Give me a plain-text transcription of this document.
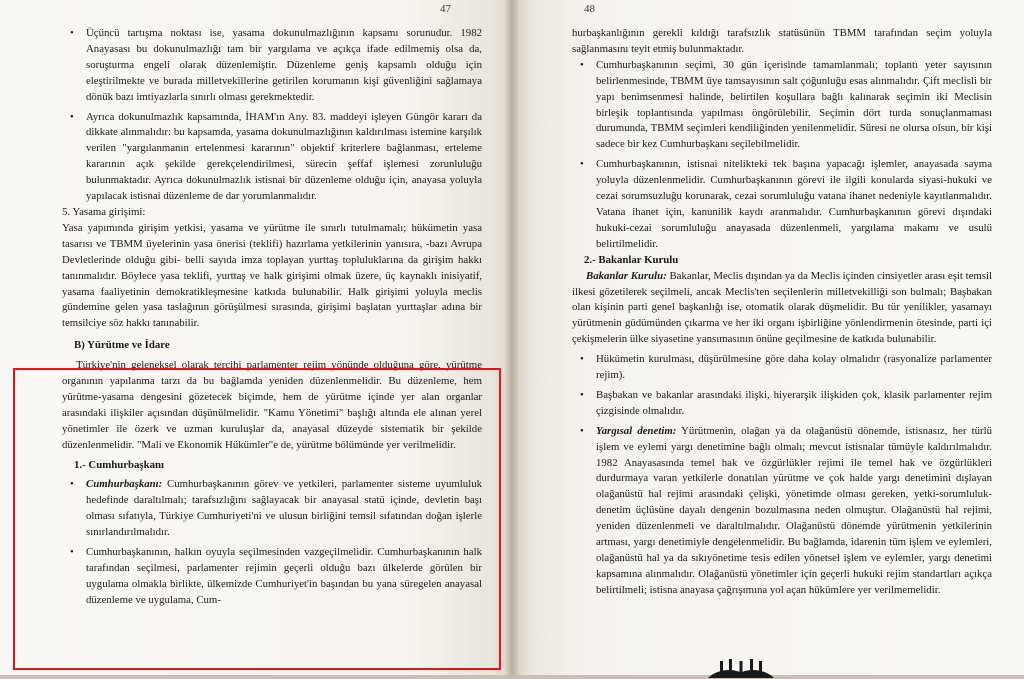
47

• Üçüncü tartışma noktası ise, yasama dokunulmazlığının kapsamı sorunudur. 1982 Anayasası bu dokunulmazlığı tam bir yargılama ve açıkça ifade edilmemiş olsa da, soruşturma engeli olarak düzenlemiştir. Düzenleme geniş kapsamlı olduğu için eleştirilmekte ve burada milletvekillerine getirilen korumanın kişi güvenliğini sağlamaya dönük bazı imtiyazlarla sınırlı olması gerekmektedir.

• Ayrıca dokunulmazlık kapsamında, İHAM'ın Any. 83. maddeyi işleyen Güngör kararı da dikkate alınmalıdır: bu kapsamda, yasama dokunulmazlığının kaldırılması istemine karşılık verilen "yargılanmanın ertelenmesi kararının" objektif kriterlere bağlanması, erteleme kararının açık şekilde gerekçelendirilmesi, sürecin şeffaf işlemesi zorunluluğu bulunmaktadır. Ayrıca dokunulmazlık istisnai bir düzenleme olduğu için, anayasa yoluyla yapılacak istisnai düzenleme de dar yorumlanmalıdır.

5. Yasama girişimi:

Yasa yapımında girişim yetkisi, yasama ve yürütme ile sınırlı tutulmamalı; hükümetin yasa tasarısı ve TBMM üyelerinin yasa önerisi (teklifi) hazırlama yetkilerinin yanısıra, -bazı Avrupa Devletlerinde olduğu gibi- belli sayıda imza toplayan yurttaş topluluklarına da girişim hakkı tanınmalıdır. Böylece yasa teklifi, yurttaş ve halk girişimi olmak üzere, üç kaynaklı inisiyatif, yasama faaliyetinin demokratikleşmesine katkıda bulunabilir. Halk girişimi yoluyla meclis gündemine gelen yasa taslağının görüşülmesi sırasında, girişimi başlatan yurttaşlar adına bir temsilciye söz hakkı tanınabilir.

B) Yürütme ve İdare

Türkiye'nin geleneksel olarak tercihi parlamenter rejim yönünde olduğuna göre, yürütme organının yapılanma tarzı da bu bağlamda yeniden düzenlenmelidir. Bu düzenleme, hem yürütme-yasama dengesini gözetecek biçimde, hem de yürütme içinde yer alan organlar arasındaki ilişkiler açısından düşünülmelidir. "Kamu Yönetimi" başlığı altında ele alınan yerel yönetimler ile özerk ve uzman kuruluşlar da, anayasal düzeyde sistematik bir şekilde düzenlenmelidir. "Mali ve Ekonomik Hükümler"e de, yürütme bölümünde yer verilmelidir.

1.- Cumhurbaşkanı

• Cumhurbaşkanı: Cumhurbaşkanının görev ve yetkileri, parlamenter sisteme uyumluluk hedefinde daraltılmalı; tarafsızlığını sağlayacak bir anayasal statü içinde, devletin başı olması sıfatıyla, Türkiye Cumhuriyeti'ni ve ulusun birliğini temsil sıfatından doğan işlerle sınırlandırılmalıdır.

• Cumhurbaşkanının, halkın oyuyla seçilmesinden vazgeçilmelidir. Cumhurbaşkanının halk tarafından seçilmesi, parlamenter rejimin geçerli olduğu bazı ülkelerde görülen bir uygulama olmakla birlikte, ülkemizde Cumhuriyet'in başından bu yana süregelen anayasal düzenleme ve uygulama, Cum-

48

hurbaşkanlığının gerekli kıldığı tarafsızlık statüsünün TBMM tarafından seçim yoluyla sağlanmasını teyit etmiş bulunmaktadır.

• Cumhurbaşkanının seçimi, 30 gün içerisinde tamamlanmalı; toplantı yeter sayısının belirlenmesinde, TBMM üye tamsayısının salt çoğunluğu esas alınmalıdır. Çift meclisli bir yapı benimsenmesi halinde, belirtilen koşullara bağlı kalınarak seçimin iki Meclisin birleşik toplantısında yapılması öngörülebilir. Seçimin dört turda sonuçlanmaması durumunda, TBMM seçimleri kendiliğinden yenilenmelidir. Süresi ne olursa olsun, bir kişi sadece bir kez Cumhurbaşkanı seçilebilmelidir.

• Cumhurbaşkanının, istisnai nitelikteki tek başına yapacağı işlemler, anayasada sayma yoluyla düzenlenmelidir. Cumhurbaşkanının görevi ile ilgili konularda siyasi-hukuki ve cezai sorumsuzluğu korunarak, cezai sorumluluğu vatana ihanet nedeniyle kayıtlanmalıdır. Vatana ihanet için, kanunilik kaydı aranmalıdır. Cumhurbaşkanının görevi dışındaki hukuki-cezai sorumluluğu anayasada düzenlenmeli, yargılama makamı ve usulü belirtilmelidir.

2.- Bakanlar Kurulu

Bakanlar Kurulu: Bakanlar, Meclis dışından ya da Meclis içinden cinsiyetler arası eşit temsil ilkesi gözetilerek seçilmeli, ancak Meclis'ten seçilenlerin milletvekilliği son bulmalı; Başbakan olan kişinin parti genel başkanlığı ise, otomatik olarak düşmelidir. Bu tür yenilikler, yasamayı yürütmenin güdümünden çıkarma ve her iki organı işbirliğine yönlendirmenin ötesinde, parti içi çekişmelerin ülke siyasetine yansımasının önüne geçilmesine de katkıda bulunabilir.

• Hükümetin kurulması, düşürülmesine göre daha kolay olmalıdır (rasyonalize parlamenter rejim).

• Başbakan ve bakanlar arasındaki ilişki, hiyerarşik ilişkiden çok, klasik parlamenter rejim çizgisinde olmalıdır.

• Yargısal denetim: Yürütmenin, olağan ya da olağanüstü dönemde, istisnasız, her türlü işlem ve eylemi yargı denetimine bağlı olmalı; mevcut istisnalar tümüyle kaldırılmalıdır. 1982 Anayasasında temel hak ve özgürlükler rejimi ile temel hak ve özgürlükleri durdurmaya varan yetkilerle donatılan yürütme ve çok halde yargı denetimini dışlayan olağanüstü hal rejimi arasındaki çelişki, yönetimde olması gereken, yetki-sorumluluk-denetim üçlüsüne dayalı dengenin bozulmasına neden olmuştur. Olağanüstü hal rejimi, yeniden düzenlenmeli ve daraltılmalıdır. Olağanüstü dönemde yürütmenin yetkilerinin artması, yargı denetimiyle dengelenmelidir. Bu bağlamda, idarenin tüm işlem ve eylemleri, olağanüstü hal ya da sıkıyönetime tesis edilen yönetsel işlem ve eylemler, yargı denetimi kapsamına alınmalıdır. Olağanüstü yönetimler için geçerli hukuki rejim standartları açıkça belirtilmeli; istisna anayasa çağrışımına yol açan hükümlere yer verilmemelidir.
